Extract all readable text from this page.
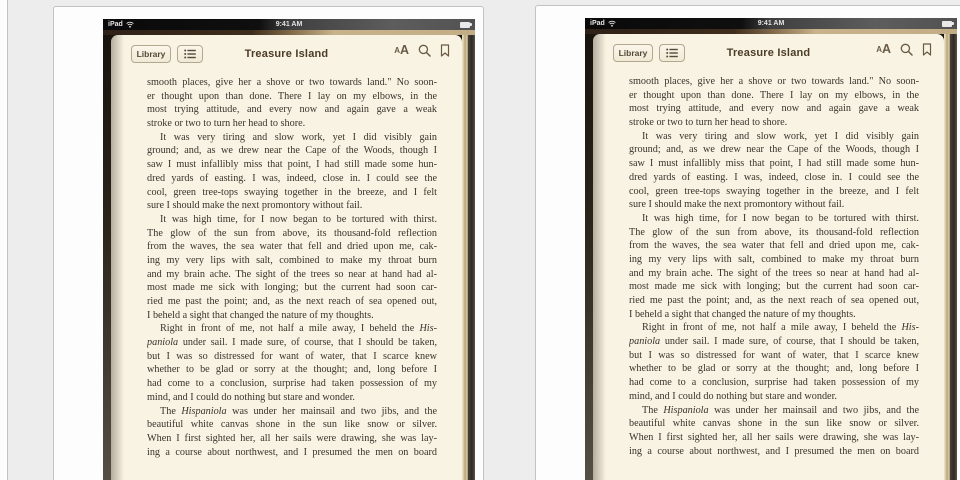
iPad	9:41 AM
Library	Treasure Island	A A
smooth places, give her a shove or two towards land." No soon-
er thought upon than done. There I lay on my elbows, in the
most trying attitude, and every now and again gave a weak
stroke or two to turn her head to shore.
It was very tiring and slow work, yet I did visibly gain
ground; and, as we drew near the Cape of the Woods, though I
saw I must infallibly miss that point, I had still made some hun-
dred yards of easting. I was, indeed, close in. I could see the
cool, green tree-tops swaying together in the breeze, and I felt
sure I should make the next promontory without fail.
It was high time, for I now began to be tortured with thirst.
The glow of the sun from above, its thousand-fold reflection
from the waves, the sea water that fell and dried upon me, cak-
ing my very lips with salt, combined to make my throat burn
and my brain ache. The sight of the trees so near at hand had al-
most made me sick with longing; but the current had soon car-
ried me past the point; and, as the next reach of sea opened out,
I beheld a sight that changed the nature of my thoughts.
Right in front of me, not half a mile away, I beheld the His-
paniola under sail. I made sure, of course, that I should be taken,
but I was so distressed for want of water, that I scarce knew
whether to be glad or sorry at the thought; and, long before I
had come to a conclusion, surprise had taken possession of my
mind, and I could do nothing but stare and wonder.
The Hispaniola was under her mainsail and two jibs, and the
beautiful white canvas shone in the sun like snow or silver.
When I first sighted her, all her sails were drawing, she was lay-
ing a course about northwest, and I presumed the men on board
iPad	9:41 AM
Library	Treasure Island	A A
smooth places, give her a shove or two towards land." No soon-
er thought upon than done. There I lay on my elbows, in the
most trying attitude, and every now and again gave a weak
stroke or two to turn her head to shore.
It was very tiring and slow work, yet I did visibly gain
ground; and, as we drew near the Cape of the Woods, though I
saw I must infallibly miss that point, I had still made some hun-
dred yards of easting. I was, indeed, close in. I could see the
cool, green tree-tops swaying together in the breeze, and I felt
sure I should make the next promontory without fail.
It was high time, for I now began to be tortured with thirst.
The glow of the sun from above, its thousand-fold reflection
from the waves, the sea water that fell and dried upon me, cak-
ing my very lips with salt, combined to make my throat burn
and my brain ache. The sight of the trees so near at hand had al-
most made me sick with longing; but the current had soon car-
ried me past the point; and, as the next reach of sea opened out,
I beheld a sight that changed the nature of my thoughts.
Right in front of me, not half a mile away, I beheld the His-
paniola under sail. I made sure, of course, that I should be taken,
but I was so distressed for want of water, that I scarce knew
whether to be glad or sorry at the thought; and, long before I
had come to a conclusion, surprise had taken possession of my
mind, and I could do nothing but stare and wonder.
The Hispaniola was under her mainsail and two jibs, and the
beautiful white canvas shone in the sun like snow or silver.
When I first sighted her, all her sails were drawing, she was lay-
ing a course about northwest, and I presumed the men on board
